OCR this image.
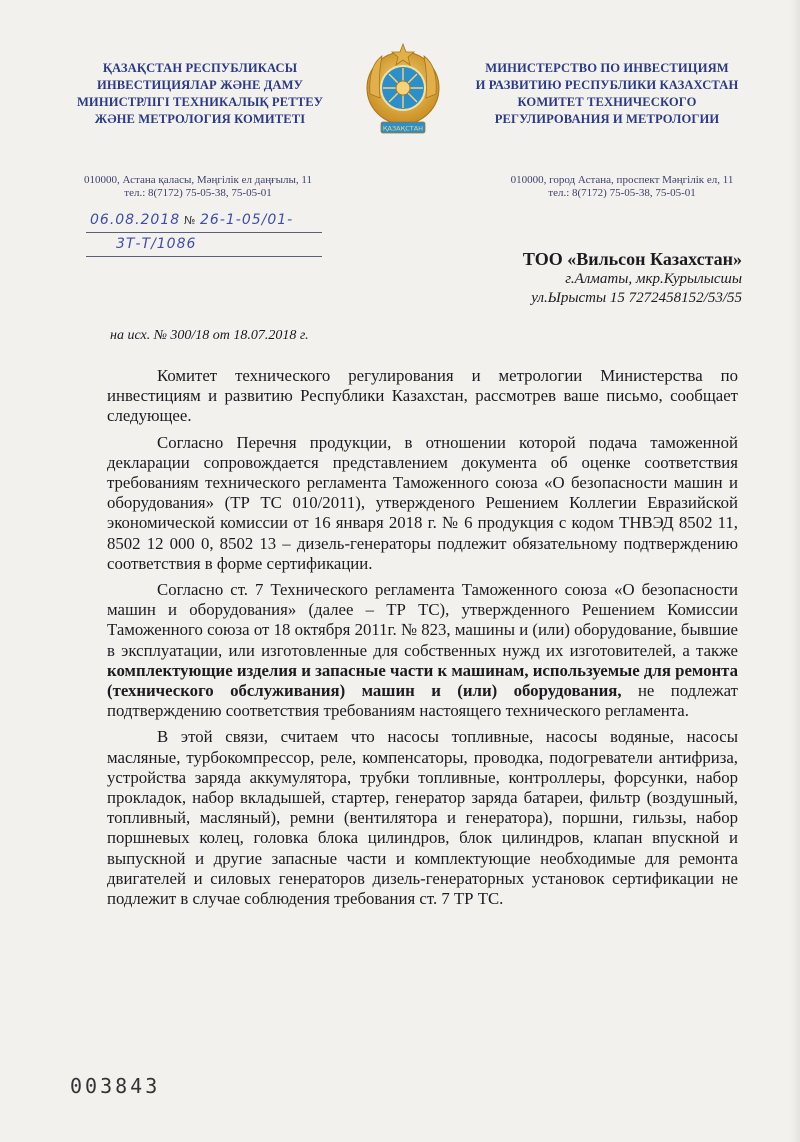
ҚАЗАҚСТАН РЕСПУБЛИКАСЫ
ИНВЕСТИЦИЯЛАР ЖӘНЕ ДАМУ
МИНИСТРЛІГІ ТЕХНИКАЛЫҚ РЕТТЕУ
ЖӘНЕ МЕТРОЛОГИЯ КОМИТЕТІ
ҚАЗАҚСТАН
МИНИСТЕРСТВО ПО ИНВЕСТИЦИЯМ
И РАЗВИТИЮ РЕСПУБЛИКИ КАЗАХСТАН
КОМИТЕТ ТЕХНИЧЕСКОГО
РЕГУЛИРОВАНИЯ И МЕТРОЛОГИИ
010000, Астана қаласы, Мәңгілік ел даңғылы, 11
тел.: 8(7172) 75-05-38, 75-05-01
010000, город Астана, проспект Мәңгілік ел, 11
тел.: 8(7172) 75-05-38, 75-05-01
06.08.2018 № 26-1-05/01-
3Т-Т/1086
ТОО «Вильсон Казахстан»
г.Алматы, мкр.Курылысшы
ул.Ырысты 15 7272458152/53/55
на исх. № 300/18 от 18.07.2018 г.

Комитет технического регулирования и метрологии Министерства по инвестициям и развитию Республики Казахстан, рассмотрев ваше письмо, сообщает следующее.

Согласно Перечня продукции, в отношении которой подача таможенной декларации сопровождается представлением документа об оценке соответствия требованиям технического регламента Таможенного союза «О безопасности машин и оборудования» (ТР ТС 010/2011), утвержденого Решением Коллегии Евразийской экономической комиссии от 16 января 2018 г. № 6 продукция с кодом ТНВЭД 8502 11, 8502 12 000 0, 8502 13 – дизель-генераторы подлежит обязательному подтверждению соответствия в форме сертификации.

Согласно ст. 7 Технического регламента Таможенного союза «О безопасности машин и оборудования» (далее – ТР ТС), утвержденного Решением Комиссии Таможенного союза от 18 октября 2011г. № 823, машины и (или) оборудование, бывшие в эксплуатации, или изготовленные для собственных нужд их изготовителей, а также комплектующие изделия и запасные части к машинам, используемые для ремонта (технического обслуживания) машин и (или) оборудования, не подлежат подтверждению соответствия требованиям настоящего технического регламента.

В этой связи, считаем что насосы топливные, насосы водяные, насосы масляные, турбокомпрессор, реле, компенсаторы, проводка, подогреватели антифриза, устройства заряда аккумулятора, трубки топливные, контроллеры, форсунки, набор прокладок, набор вкладышей, стартер, генератор заряда батареи, фильтр (воздушный, топливный, масляный), ремни (вентилятора и генератора), поршни, гильзы, набор поршневых колец, головка блока цилиндров, блок цилиндров, клапан впускной и выпускной и другие запасные части и комплектующие необходимые для ремонта двигателей и силовых генераторов дизель-генераторных установок сертификации не подлежит в случае соблюдения требования ст. 7 ТР ТС.

003843
